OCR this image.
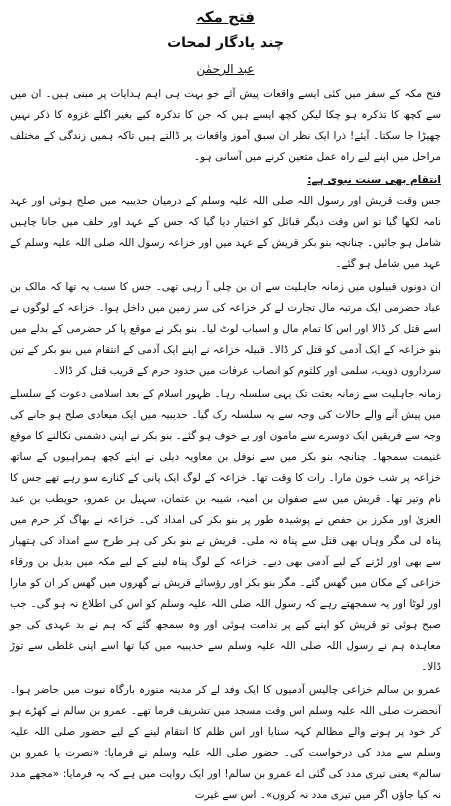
فتح مکہ
چند یادگار لمحات
عبد الرحمٰن

فتح مکہ کے سفر میں کئی ایسے واقعات پیش آئے جو بہت ہی اہم ہدایات پر مبنی ہیں۔ ان میں سے کچھ کا تذکرہ ہو چکا لیکن کچھ ایسے ہیں کہ جن کا تذکرہ کیے بغیر اگلے غزوہ کا ذکر نہیں چھیڑا جا سکتا۔ آیئے! ذرا ایک نظر ان سبق آموز واقعات پر ڈالتے ہیں تاکہ ہمیں زندگی کے مختلف مراحل میں اپنے لیے راہ عمل متعین کرنے میں آسانی ہو۔

انتقام بھی سنت نبوی ہے:

جس وقت قریش اور رسول اللہ صلی اللہ علیہ وسلم کے درمیان حدیبیہ میں صلح ہوئی اور عہد نامہ لکھا گیا تو اس وقت دیگر قبائل کو اختیار دیا گیا کہ جس کے عہد اور حلف میں جانا چاہیں شامل ہو جائیں۔ چنانچہ بنو بکر قریش کے عہد میں اور خزاعہ رسول اللہ صلی اللہ علیہ وسلم کے عہد میں شامل ہو گئے۔

ان دونوں قبیلوں میں زمانہ جاہلیت سے ان بن چلی آ رہی تھی۔ جس کا سبب یہ تھا کہ مالک بن عباد حضرمی ایک مرتبہ مال تجارت لے کر خزاعہ کی سر زمین میں داخل ہوا۔ خزاعہ کے لوگوں نے اسے قتل کر ڈالا اور اس کا تمام مال و اسباب لوٹ لیا۔ بنو بکر نے موقع پا کر حضرمی کے بدلے میں بنو خزاعہ کے ایک آدمی کو قتل کر ڈالا۔ قبیلہ خزاعہ نے اپنے ایک آدمی کے انتقام میں بنو بکر کے تین سرداروں ذویب، سلمی اور کلثوم کو انصاب عرفات میں حدود حرم کے قریب قتل کر ڈالا۔

زمانہ جاہلیت سے زمانہ بعثت تک یہی سلسلہ رہا۔ ظہور اسلام کے بعد اسلامی دعوت کے سلسلے میں پیش آنے والے حالات کی وجہ سے یہ سلسلہ رک گیا۔ حدیبیہ میں ایک میعادی صلح ہو جانے کی وجہ سے فریقین ایک دوسرے سے مامون اور بے خوف ہو گئے۔ بنو بکر نے اپنی دشمنی نکالنے کا موقع غنیمت سمجھا۔ چنانچہ بنو بکر میں سے نوفل بن معاویہ دیلی نے اپنے کچھ ہمراہیوں کے ساتھ خزاعہ پر شب خون مارا۔ رات کا وقت تھا۔ خزاعہ کے لوگ ایک پانی کے کنارے سو رہے تھے جس کا نام وتیر تھا۔ قریش میں سے صفوان بن امیہ، شیبہ بن عثمان، سہیل بن عمرو، حویطب بن عبد العزیٰ اور مکرز بن حفص نے پوشیدہ طور پر بنو بکر کی امداد کی۔ خزاعہ نے بھاگ کر حرم میں پناہ لی مگر وہاں بھی قتل سے پناہ نہ ملی۔ قریش نے بنو بکر کی ہر طرح سے امداد کی ہتھیار سے بھی اور لڑنے کے لیے آدمی بھی دیے۔ خزاعہ کے لوگ پناہ لینے کے لیے مکہ میں بدیل بن ورقاء خزاعی کے مکان میں گھس گئے۔ مگر بنو بکر اور رؤسائے قریش نے گھروں میں گھس کر ان کو مارا اور لوٹا اور یہ سمجھتے رہے کہ رسول اللہ صلی اللہ علیہ وسلم کو اس کی اطلاع نہ ہو گی۔ جب صبح ہوئی تو قریش کو اپنے کیے پر ندامت ہوئی اور وہ سمجھ گئے کہ ہم نے بد عہدی کی جو معاہدہ ہم نے رسول اللہ صلی اللہ علیہ وسلم سے حدیبیہ میں کیا تھا اسے اپنی غلطی سے توڑ ڈالا۔

عمرو بن سالم خزاعی چالیس آدمیوں کا ایک وفد لے کر مدینہ منورہ بارگاہ نبوت میں حاضر ہوا۔ آنحضرت صلی اللہ علیہ وسلم اس وقت مسجد میں تشریف فرما تھے۔ عمرو بن سالم نے کھڑے ہو کر خود پر ہونے والے مظالم کہہ سنایا اور اس ظلم کا انتقام لینے کے لیے حضور صلی اللہ علیہ وسلم سے مدد کی درخواست کی۔ حضور صلی اللہ علیہ وسلم نے فرمایا: «نصرت یا عمرو بن سالم» یعنی تیری مدد کی گئی اے عمرو بن سالم! اور ایک روایت میں ہے کہ یہ فرمایا: «مجھے مدد نہ کیا جاؤں اگر میں تیری مدد نہ کروں»۔ اس سے غیرت
